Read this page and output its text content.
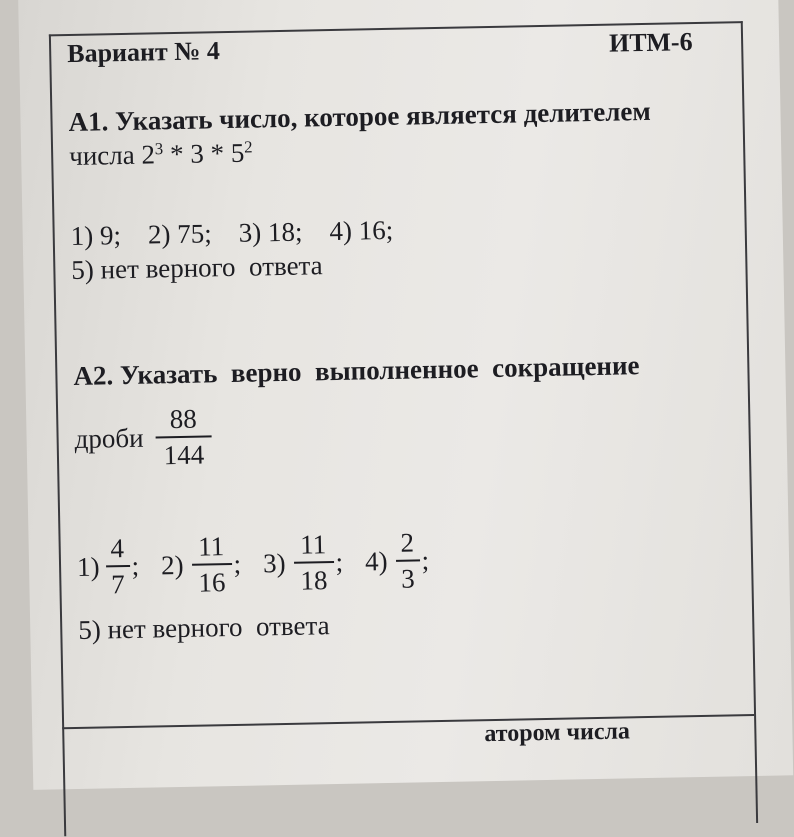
Вариант № 4	ИТМ-6
А1. Указать число, которое является делителем
числа $2^3 * 3 * 5^2$
1) 9;    2) 75;    3) 18;    4) 16;
5) нет верного  ответа
А2. Указать  верно  выполненное  сокращение
дроби $\frac{88}{144}$
$1) \frac{4}{7}$ ; $2) \frac{11}{16}$ ; $3) \frac{11}{18}$ ; $4) \frac{2}{3}$ ;
5) нет верного  ответа
атором числа
